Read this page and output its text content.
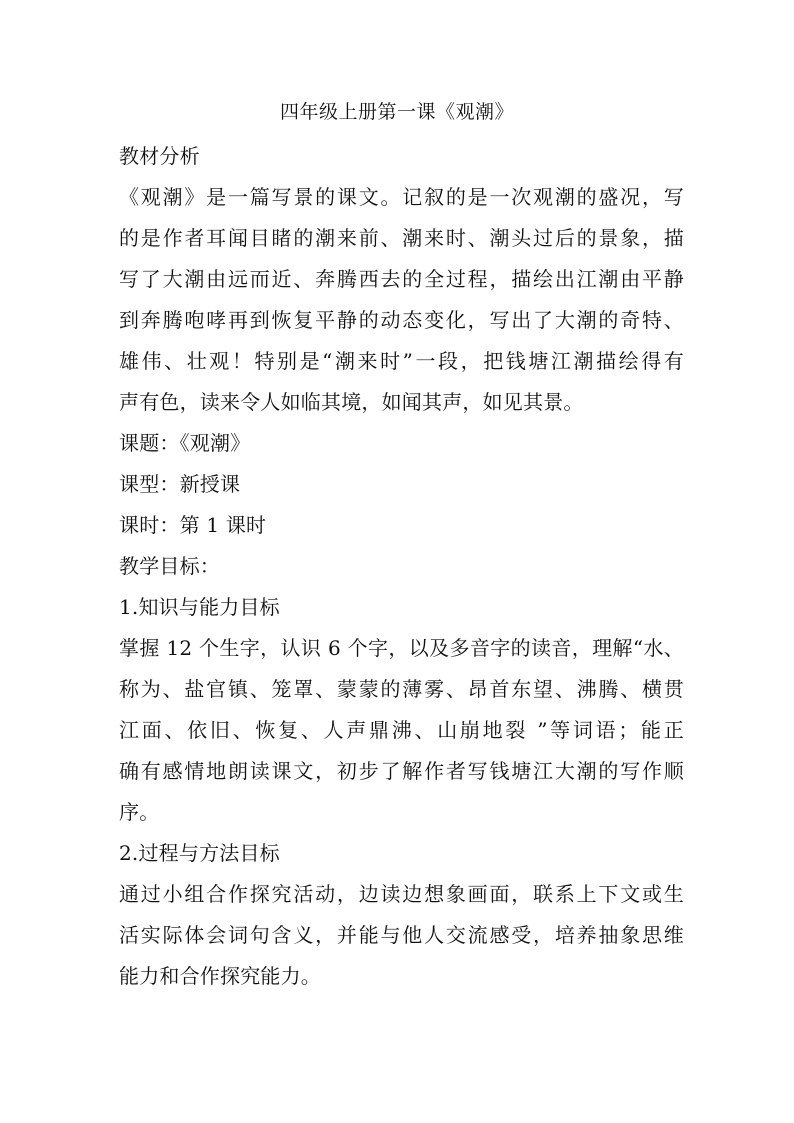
四年级上册第一课《观潮》
教材分析
《观潮》是一篇写景的课文。记叙的是一次观潮的盛况，写
的是作者耳闻目睹的潮来前、潮来时、潮头过后的景象，描
写了大潮由远而近、奔腾西去的全过程，描绘出江潮由平静
到奔腾咆哮再到恢复平静的动态变化，写出了大潮的奇特、
雄伟、壮观！特别是“潮来时”一段，把钱塘江潮描绘得有
声有色，读来令人如临其境，如闻其声，如见其景。
课题：《观潮》
课型：新授课
课时：第 1 课时
教学目标：
1.知识与能力目标
掌握 12 个生字，认识 6 个字，以及多音字的读音，理解“水、
称为、盐官镇、笼罩、蒙蒙的薄雾、昂首东望、沸腾、横贯
江面、依旧、恢复、人声鼎沸、山崩地裂 ”等词语；能正
确有感情地朗读课文，初步了解作者写钱塘江大潮的写作顺
序。
2.过程与方法目标
通过小组合作探究活动，边读边想象画面，联系上下文或生
活实际体会词句含义，并能与他人交流感受，培养抽象思维
能力和合作探究能力。
